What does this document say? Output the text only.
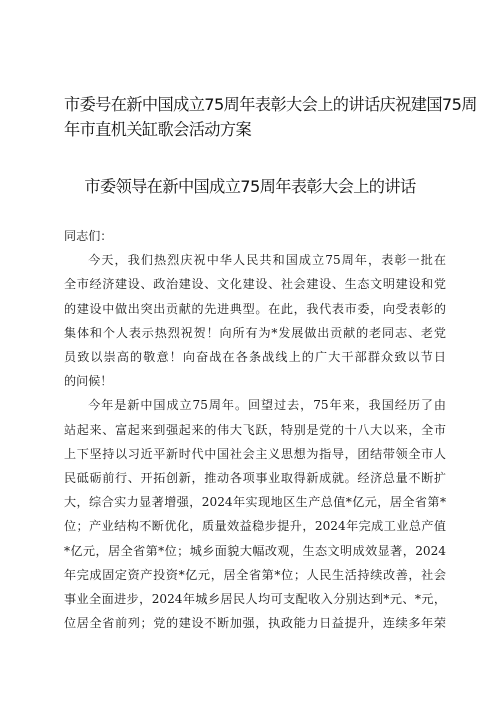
市委号在新中国成立75周年表彰大会上的讲话庆祝建国75周
年市直机关缸歌会活动方案
市委领导在新中国成立75周年表彰大会上的讲话

同志们：

今天，我们热烈庆祝中华人民共和国成立75周年，表彰一批在
全市经济建设、政治建设、文化建设、社会建设、生态文明建设和党
的建设中做出突出贡献的先进典型。在此，我代表市委，向受表彰的
集体和个人表示热烈祝贺！向所有为*发展做出贡献的老同志、老党
员致以崇高的敬意！向奋战在各条战线上的广大干部群众致以节日
的问候！

今年是新中国成立75周年。回望过去，75年来，我国经历了由
站起来、富起来到强起来的伟大飞跃，特别是党的十八大以来，全市
上下坚持以习近平新时代中国社会主义思想为指导，团结带领全市人
民砥砺前行、开拓创新，推动各项事业取得新成就。经济总量不断扩
大，综合实力显著增强，2024年实现地区生产总值*亿元，居全省第*
位；产业结构不断优化，质量效益稳步提升，2024年完成工业总产值
*亿元，居全省第*位；城乡面貌大幅改观，生态文明成效显著，2024
年完成固定资产投资*亿元，居全省第*位；人民生活持续改善，社会
事业全面进步，2024年城乡居民人均可支配收入分别达到*元、*元，
位居全省前列；党的建设不断加强，执政能力日益提升，连续多年荣
